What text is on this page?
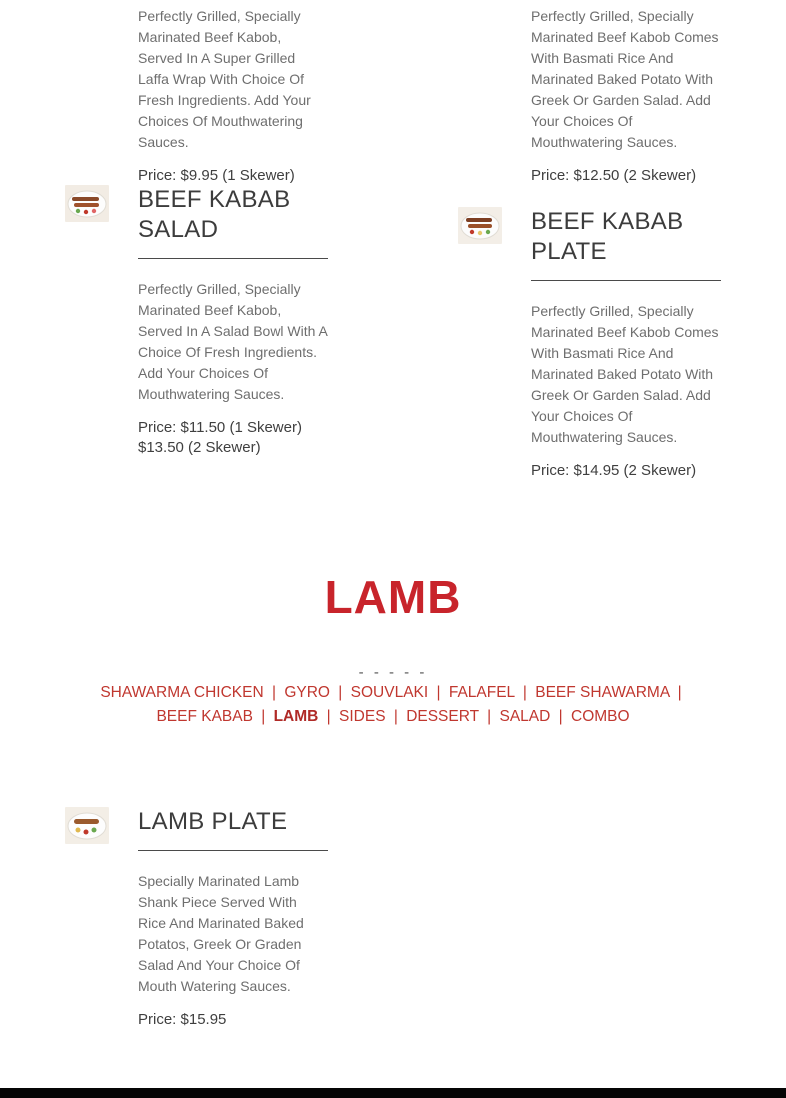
Perfectly Grilled, Specially Marinated Beef Kabob, Served In A Super Grilled Laffa Wrap With Choice Of Fresh Ingredients. Add Your Choices Of Mouthwatering Sauces.

Price: $9.95 (1 Skewer)

Perfectly Grilled, Specially Marinated Beef Kabob Comes With Basmati Rice And Marinated Baked Potato With Greek Or Garden Salad. Add Your Choices Of Mouthwatering Sauces.

Price: $12.50 (2 Skewer)

BEEF KABAB SALAD

Perfectly Grilled, Specially Marinated Beef Kabob, Served In A Salad Bowl With A Choice Of Fresh Ingredients. Add Your Choices Of Mouthwatering Sauces.

Price: $11.50 (1 Skewer)
$13.50 (2 Skewer)
BEEF KABAB PLATE

Perfectly Grilled, Specially Marinated Beef Kabob Comes With Basmati Rice And Marinated Baked Potato With Greek Or Garden Salad. Add Your Choices Of Mouthwatering Sauces.

Price: $14.95 (2 Skewer)

LAMB
- - - - -
SHAWARMA CHICKEN | GYRO | SOUVLAKI | FALAFEL | BEEF SHAWARMA | BEEF KABAB | LAMB | SIDES | DESSERT | SALAD | COMBO
LAMB PLATE

Specially Marinated Lamb Shank Piece Served With Rice And Marinated Baked Potatos, Greek Or Graden Salad And Your Choice Of Mouth Watering Sauces.

Price: $15.95
